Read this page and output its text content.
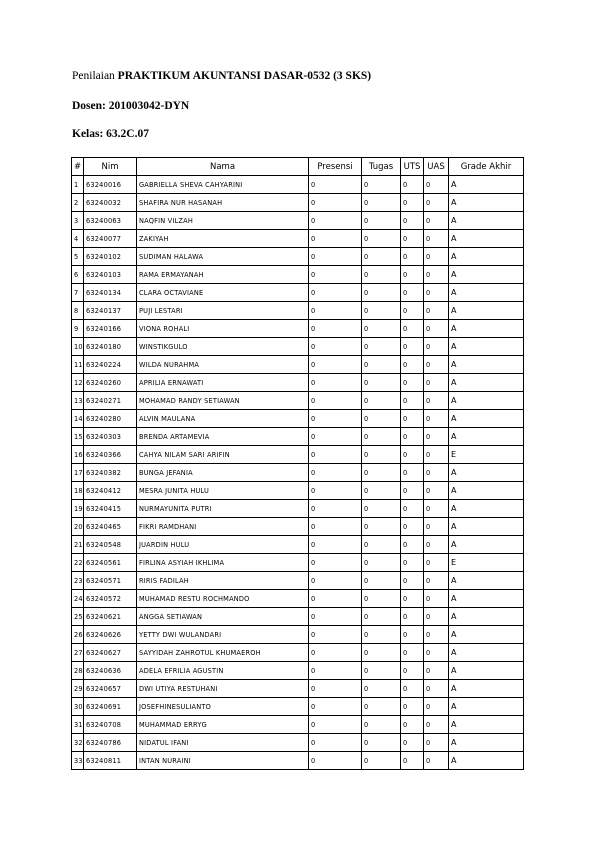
Penilaian PRAKTIKUM AKUNTANSI DASAR-0532 (3 SKS)
Dosen: 201003042-DYN
Kelas: 63.2C.07
#	Nim	Nama	Presensi	Tugas	UTS	UAS	Grade Akhir
1	63240016	GABRIELLA SHEVA CAHYARINI	0	0	0	0	A
2	63240032	SHAFIRA NUR HASANAH	0	0	0	0	A
3	63240063	NAQFIN VILZAH	0	0	0	0	A
4	63240077	ZAKIYAH	0	0	0	0	A
5	63240102	SUDIMAN HALAWA	0	0	0	0	A
6	63240103	RAMA ERMAYANAH	0	0	0	0	A
7	63240134	CLARA OCTAVIANE	0	0	0	0	A
8	63240137	PUJI LESTARI	0	0	0	0	A
9	63240166	VIONA ROHALI	0	0	0	0	A
10	63240180	WINSTIKGULO	0	0	0	0	A
11	63240224	WILDA NURAHMA	0	0	0	0	A
12	63240260	APRILIA ERNAWATI	0	0	0	0	A
13	63240271	MOHAMAD RANDY SETIAWAN	0	0	0	0	A
14	63240280	ALVIN MAULANA	0	0	0	0	A
15	63240303	BRENDA ARTAMEVIA	0	0	0	0	A
16	63240366	CAHYA NILAM SARI ARIFIN	0	0	0	0	E
17	63240382	BUNGA JEFANIA	0	0	0	0	A
18	63240412	MESRA JUNITA HULU	0	0	0	0	A
19	63240415	NURMAYUNITA PUTRI	0	0	0	0	A
20	63240465	FIKRI RAMDHANI	0	0	0	0	A
21	63240548	JUARDIN HULU	0	0	0	0	A
22	63240561	FIRLINA ASYIAH IKHLIMA	0	0	0	0	E
23	63240571	RIRIS FADILAH	0	0	0	0	A
24	63240572	MUHAMAD RESTU ROCHMANDO	0	0	0	0	A
25	63240621	ANGGA SETIAWAN	0	0	0	0	A
26	63240626	YETTY DWI WULANDARI	0	0	0	0	A
27	63240627	SAYYIDAH ZAHROTUL KHUMAEROH	0	0	0	0	A
28	63240636	ADELA EFRILIA AGUSTIN	0	0	0	0	A
29	63240657	DWI UTIYA RESTUHANI	0	0	0	0	A
30	63240691	JOSEFHINESULIANTO	0	0	0	0	A
31	63240708	MUHAMMAD ERRYG	0	0	0	0	A
32	63240786	NIDATUL IFANI	0	0	0	0	A
33	63240811	INTAN NURAINI	0	0	0	0	A
